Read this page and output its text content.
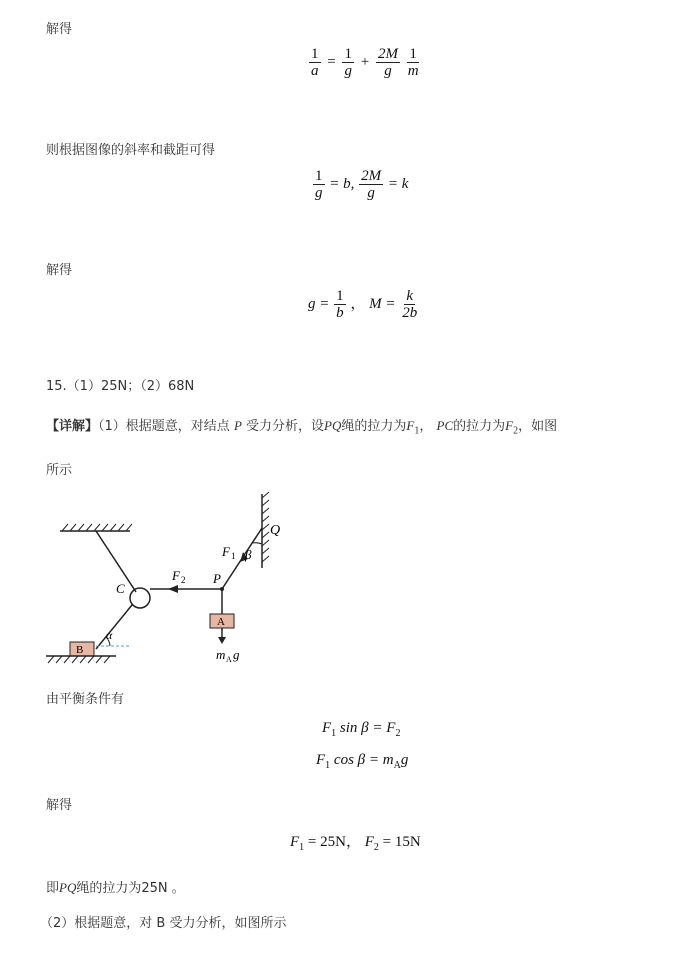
解得
$\frac{1}{a} = \frac{1}{g} + \frac{2M}{g}$
$\frac{1}{m}$
则根据图像的斜率和截距可得
$\frac{1}{g} = b$, $\frac{2M}{g} = k$
解得
$g = \frac{1}{b}$ ， $M = \frac{k}{2b}$
15.（1）25N；（2）68N
【详解】（1）根据题意，对结点 P 受力分析，设PQ绳的拉力为$F_1$， PC的拉力为$F_2$，如图
所示
Q
F 1 β
F 2 P
C
A
B
α
m A g
由平衡条件有
$F_1$ $\sin \beta = F_2$
$F_1$ $\cos \beta = m_Ag$
解得
$F_1 = 25N$， $F_2 = 15N$
即PQ绳的拉力为25N 。
（2）根据题意，对 B 受力分析，如图所示
